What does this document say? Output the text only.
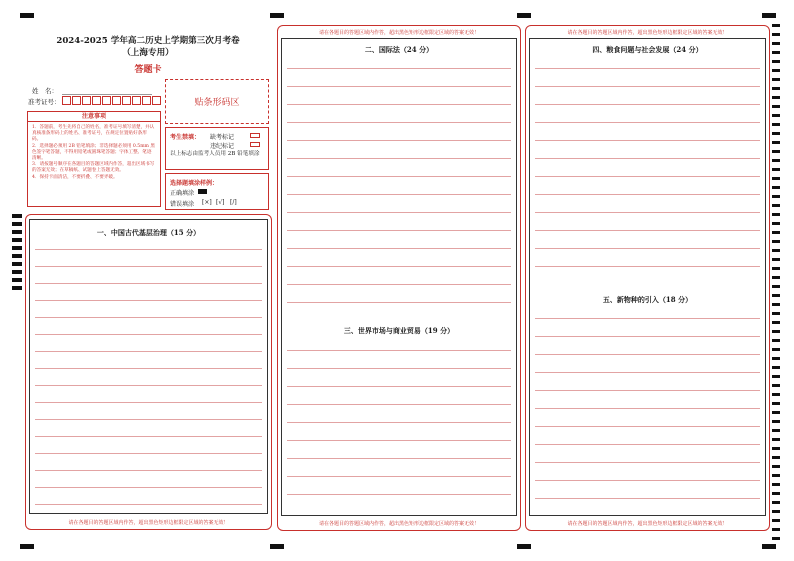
2024-2025 学年高二历史上学期第三次月考卷
（上海专用）
答题卡
姓　名：
准考证号：	贴条形码区
注意事项
1．答题前，考生先将自己的姓名，准考证号填写清楚，并认真核准条形码上的姓名、准考证号，在规定位置贴好条形码。
2．选择题必须用 2B 铅笔填涂；非选择题必须用 0.5mm 黑色签字笔答题，不得用铅笔或圆珠笔答题；字体工整、笔迹清晰。
3．请按题号顺序在各题目的答题区域内作答，超出区域书写的答案无效；在草稿纸、试题卷上答题无效。
4．保持卡面清洁，不要折叠、不要弄破。
考生禁填： 缺考标记
违纪标记
以上标志由监考人员用 2B 铅笔填涂
选择题填涂样例：
正确填涂
错误填涂 [×] [√] [/]
一、中国古代基层治理（15 分）
请在各题目的答题区域内作答，超出黑色矩形边框限定区域的答案无效！
请在各题目的答题区域内作答，超出黑色矩形边框限定区域的答案无效！
二、国际法（24 分）
三、世界市场与商业贸易（19 分）
请在各题目的答题区域内作答，超出黑色矩形边框限定区域的答案无效！
请在各题目的答题区域内作答，超出黑色矩形边框限定区域的答案无效！
四、粮食问题与社会发展（24 分）
五、新物种的引入（18 分）
请在各题目的答题区域内作答，超出黑色矩形边框限定区域的答案无效！
